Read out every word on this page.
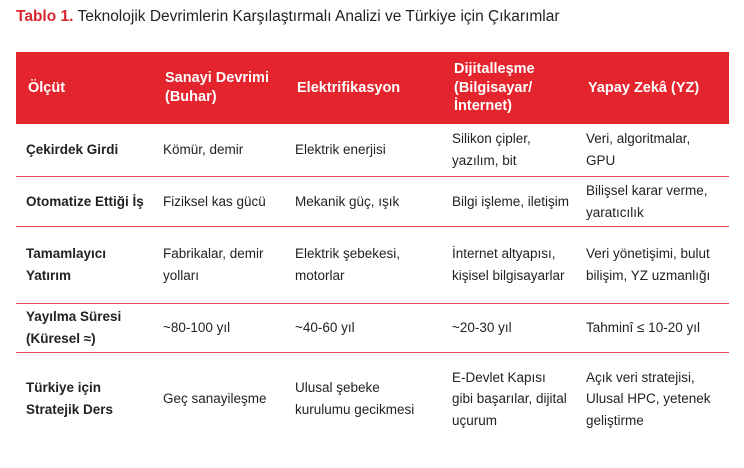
Tablo 1. Teknolojik Devrimlerin Karşılaştırmalı Analizi ve Türkiye için Çıkarımlar
Ölçüt	Sanayi Devrimi (Buhar)	Elektrifikasyon	Dijitalleşme (Bilgisayar/ İnternet)	Yapay Zekâ (YZ)
Çekirdek Girdi	Kömür, demir	Elektrik enerjisi	Silikon çipler, yazılım, bit	Veri, algoritmalar, GPU
Otomatize Ettiği İş	Fiziksel kas gücü	Mekanik güç, ışık	Bilgi işleme, iletişim	Bilişsel karar verme, yaratıcılık
Tamamlayıcı Yatırım	Fabrikalar, demir yolları	Elektrik şebekesi, motorlar	İnternet altyapısı, kişisel bilgisayarlar	Veri yönetişimi, bulut bilişim, YZ uzmanlığı
Yayılma Süresi (Küresel ≈)	~80-100 yıl	~40-60 yıl	~20-30 yıl	Tahminî ≤ 10-20 yıl
Türkiye için Stratejik Ders	Geç sanayileşme	Ulusal şebeke kurulumu gecikmesi	E-Devlet Kapısı gibi başarılar, dijital uçurum	Açık veri stratejisi, Ulusal HPC, yetenek geliştirme
